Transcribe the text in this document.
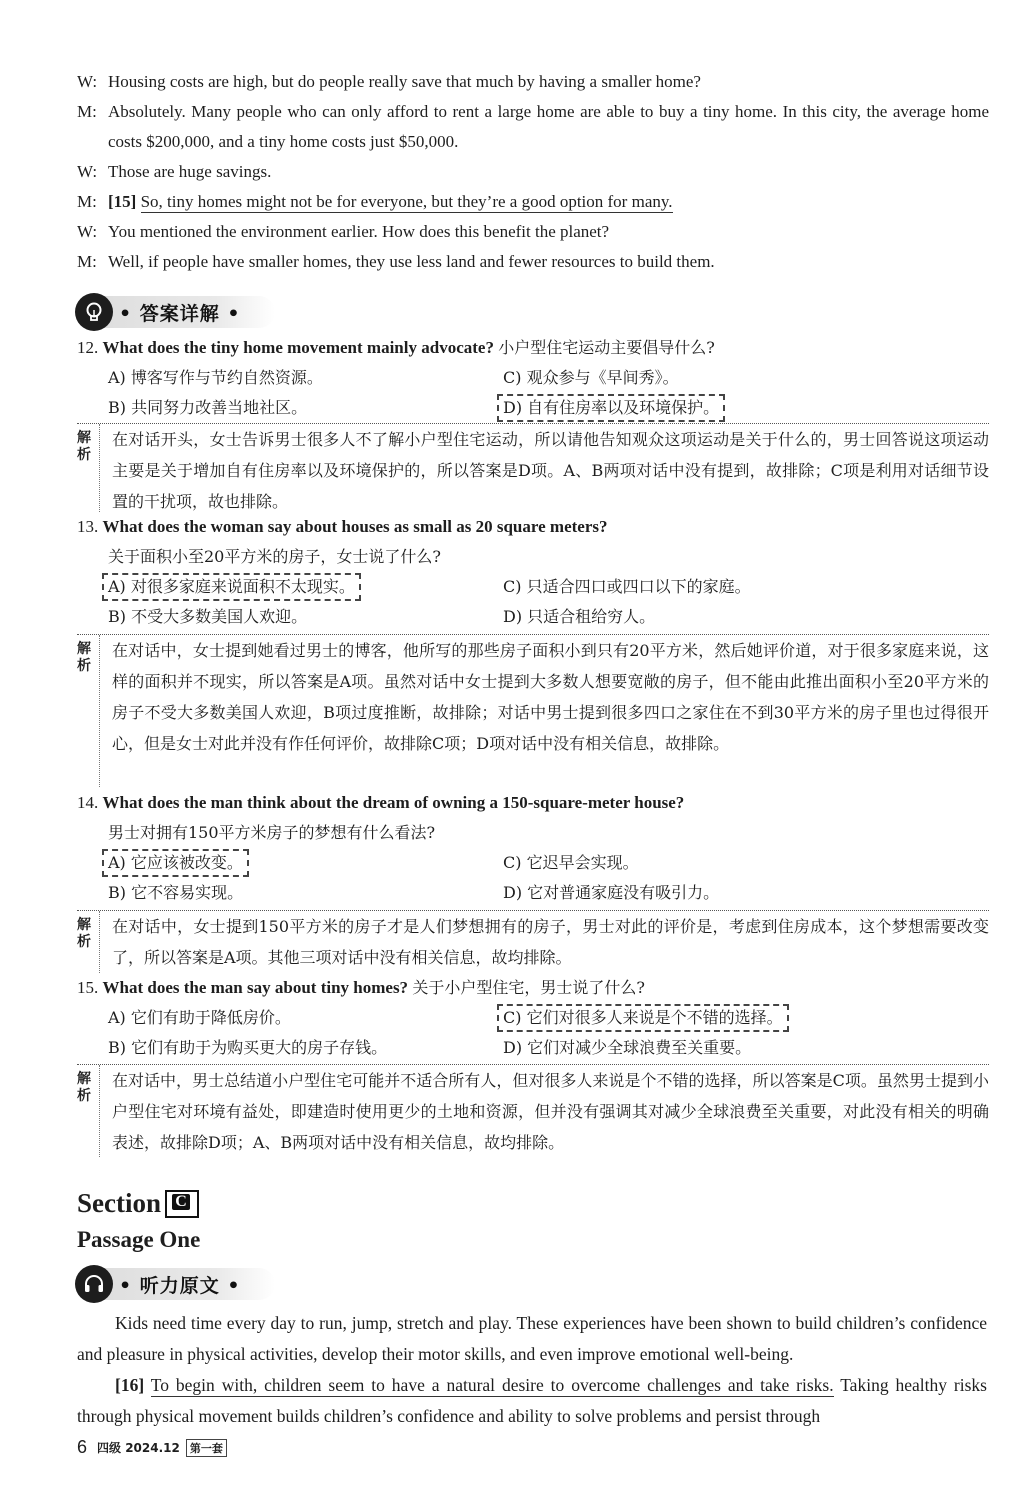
W: Housing costs are high, but do people really save that much by having a smaller home?
M: Absolutely. Many people who can only afford to rent a large home are able to buy a tiny home. In this city, the average home costs $200,000, and a tiny home costs just $50,000.
W: Those are huge savings.
M: [15] So, tiny homes might not be for everyone, but they’re a good option for many.
W: You mentioned the environment earlier. How does this benefit the planet?
M: Well, if people have smaller homes, they use less land and fewer resources to build them.
• 答案详解 •
12. What does the tiny home movement mainly advocate? 小户型住宅运动主要倡导什么?
A) 博客写作与节约自然资源。	C) 观众参与《早间秀》。
B) 共同努力改善当地社区。	D) 自有住房率以及环境保护。
解
析
在对话开头，女士告诉男士很多人不了解小户型住宅运动，所以请他告知观众这项运动是关于什么的，男士回答说这项运动主要是关于增加自有住房率以及环境保护的，所以答案是D项。A、B两项对话中没有提到，故排除；C项是利用对话细节设置的干扰项，故也排除。
13. What does the woman say about houses as small as 20 square meters?
关于面积小至20平方米的房子，女士说了什么?
A) 对很多家庭来说面积不太现实。	C) 只适合四口或四口以下的家庭。
B) 不受大多数美国人欢迎。	D) 只适合租给穷人。
解
析
在对话中，女士提到她看过男士的博客，他所写的那些房子面积小到只有20平方米，然后她评价道，对于很多家庭来说，这样的面积并不现实，所以答案是A项。虽然对话中女士提到大多数人想要宽敞的房子，但不能由此推出面积小至20平方米的房子不受大多数美国人欢迎，B项过度推断，故排除；对话中男士提到很多四口之家住在不到30平方米的房子里也过得很开心，但是女士对此并没有作任何评价，故排除C项；D项对话中没有相关信息，故排除。
14. What does the man think about the dream of owning a 150-square-meter house?
男士对拥有150平方米房子的梦想有什么看法?
A) 它应该被改变。	C) 它迟早会实现。
B) 它不容易实现。	D) 它对普通家庭没有吸引力。
解
析
在对话中，女士提到150平方米的房子才是人们梦想拥有的房子，男士对此的评价是，考虑到住房成本，这个梦想需要改变了，所以答案是A项。其他三项对话中没有相关信息，故均排除。
15. What does the man say about tiny homes? 关于小户型住宅，男士说了什么?
A) 它们有助于降低房价。	C) 它们对很多人来说是个不错的选择。
B) 它们有助于为购买更大的房子存钱。	D) 它们对减少全球浪费至关重要。
解
析
在对话中，男士总结道小户型住宅可能并不适合所有人，但对很多人来说是个不错的选择，所以答案是C项。虽然男士提到小户型住宅对环境有益处，即建造时使用更少的土地和资源，但并没有强调其对减少全球浪费至关重要，对此没有相关的明确表述，故排除D项；A、B两项对话中没有相关信息，故均排除。
Section C
Passage One
• 听力原文 •
Kids need time every day to run, jump, stretch and play. These experiences have been shown to build children’s confidence and pleasure in physical activities, develop their motor skills, and even improve emotional well-being.
[16] To begin with, children seem to have a natural desire to overcome challenges and take risks. Taking healthy risks through physical movement builds children’s confidence and ability to solve problems and persist through
6 四级 2024.12 第一套
